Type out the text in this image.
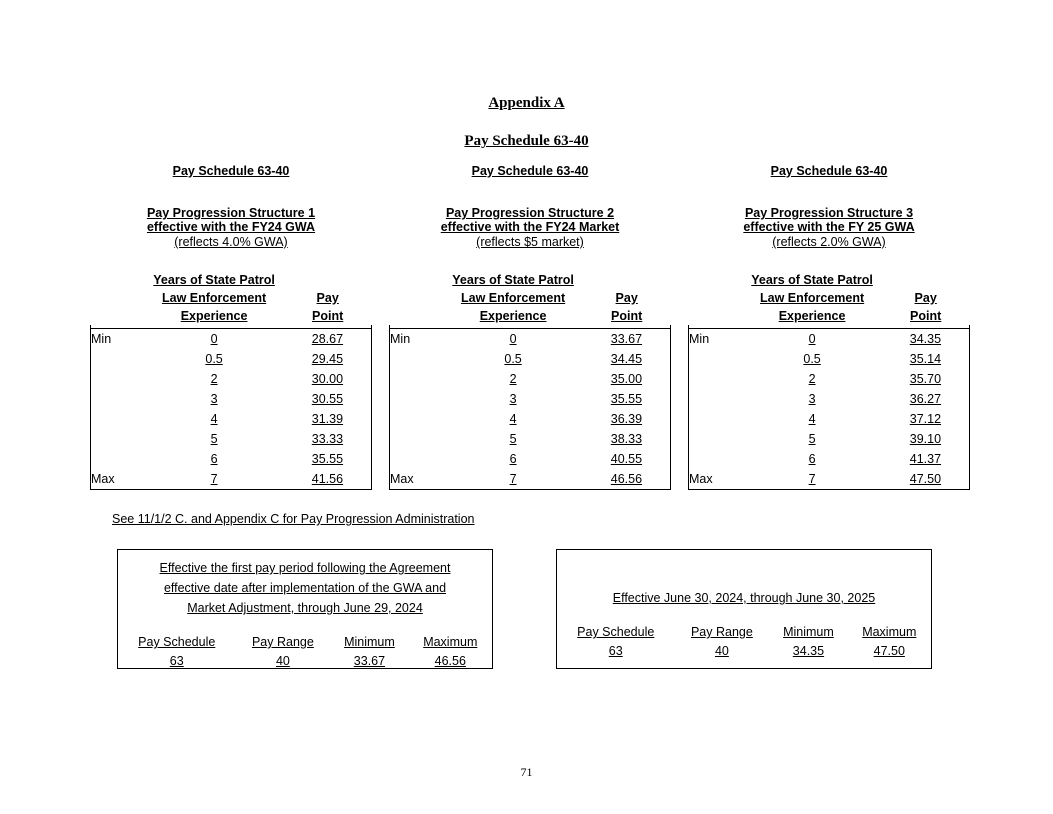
Appendix A
Pay Schedule 63-40
Pay Schedule 63-40
Pay Progression Structure 1
effective with the FY24 GWA
(reflects 4.0% GWA)

	Years of State Patrol
Law Enforcement
Experience	Pay
Point

Min	0	28.67
	0.5	29.45
	2	30.00
	3	30.55
	4	31.39
	5	33.33
	6	35.55
Max	7	41.56
Pay Schedule 63-40
Pay Progression Structure 2
effective with the FY24 Market
(reflects $5 market)

	Years of State Patrol
Law Enforcement
Experience	Pay
Point

Min	0	33.67
	0.5	34.45
	2	35.00
	3	35.55
	4	36.39
	5	38.33
	6	40.55
Max	7	46.56
Pay Schedule 63-40
Pay Progression Structure 3
effective with the FY 25 GWA
(reflects 2.0% GWA)

	Years of State Patrol
Law Enforcement
Experience	Pay
Point

Min	0	34.35
	0.5	35.14
	2	35.70
	3	36.27
	4	37.12
	5	39.10
	6	41.37
Max	7	47.50
See 11/1/2 C. and Appendix C for Pay Progression Administration
Effective the first pay period following the Agreement
effective date after implementation of the GWA and
Market Adjustment, through June 29, 2024
Pay Schedule	Pay Range	Minimum	Maximum
63	40	33.67	46.56
Effective June 30, 2024, through June 30, 2025
Pay Schedule	Pay Range	Minimum	Maximum
63	40	34.35	47.50
71
